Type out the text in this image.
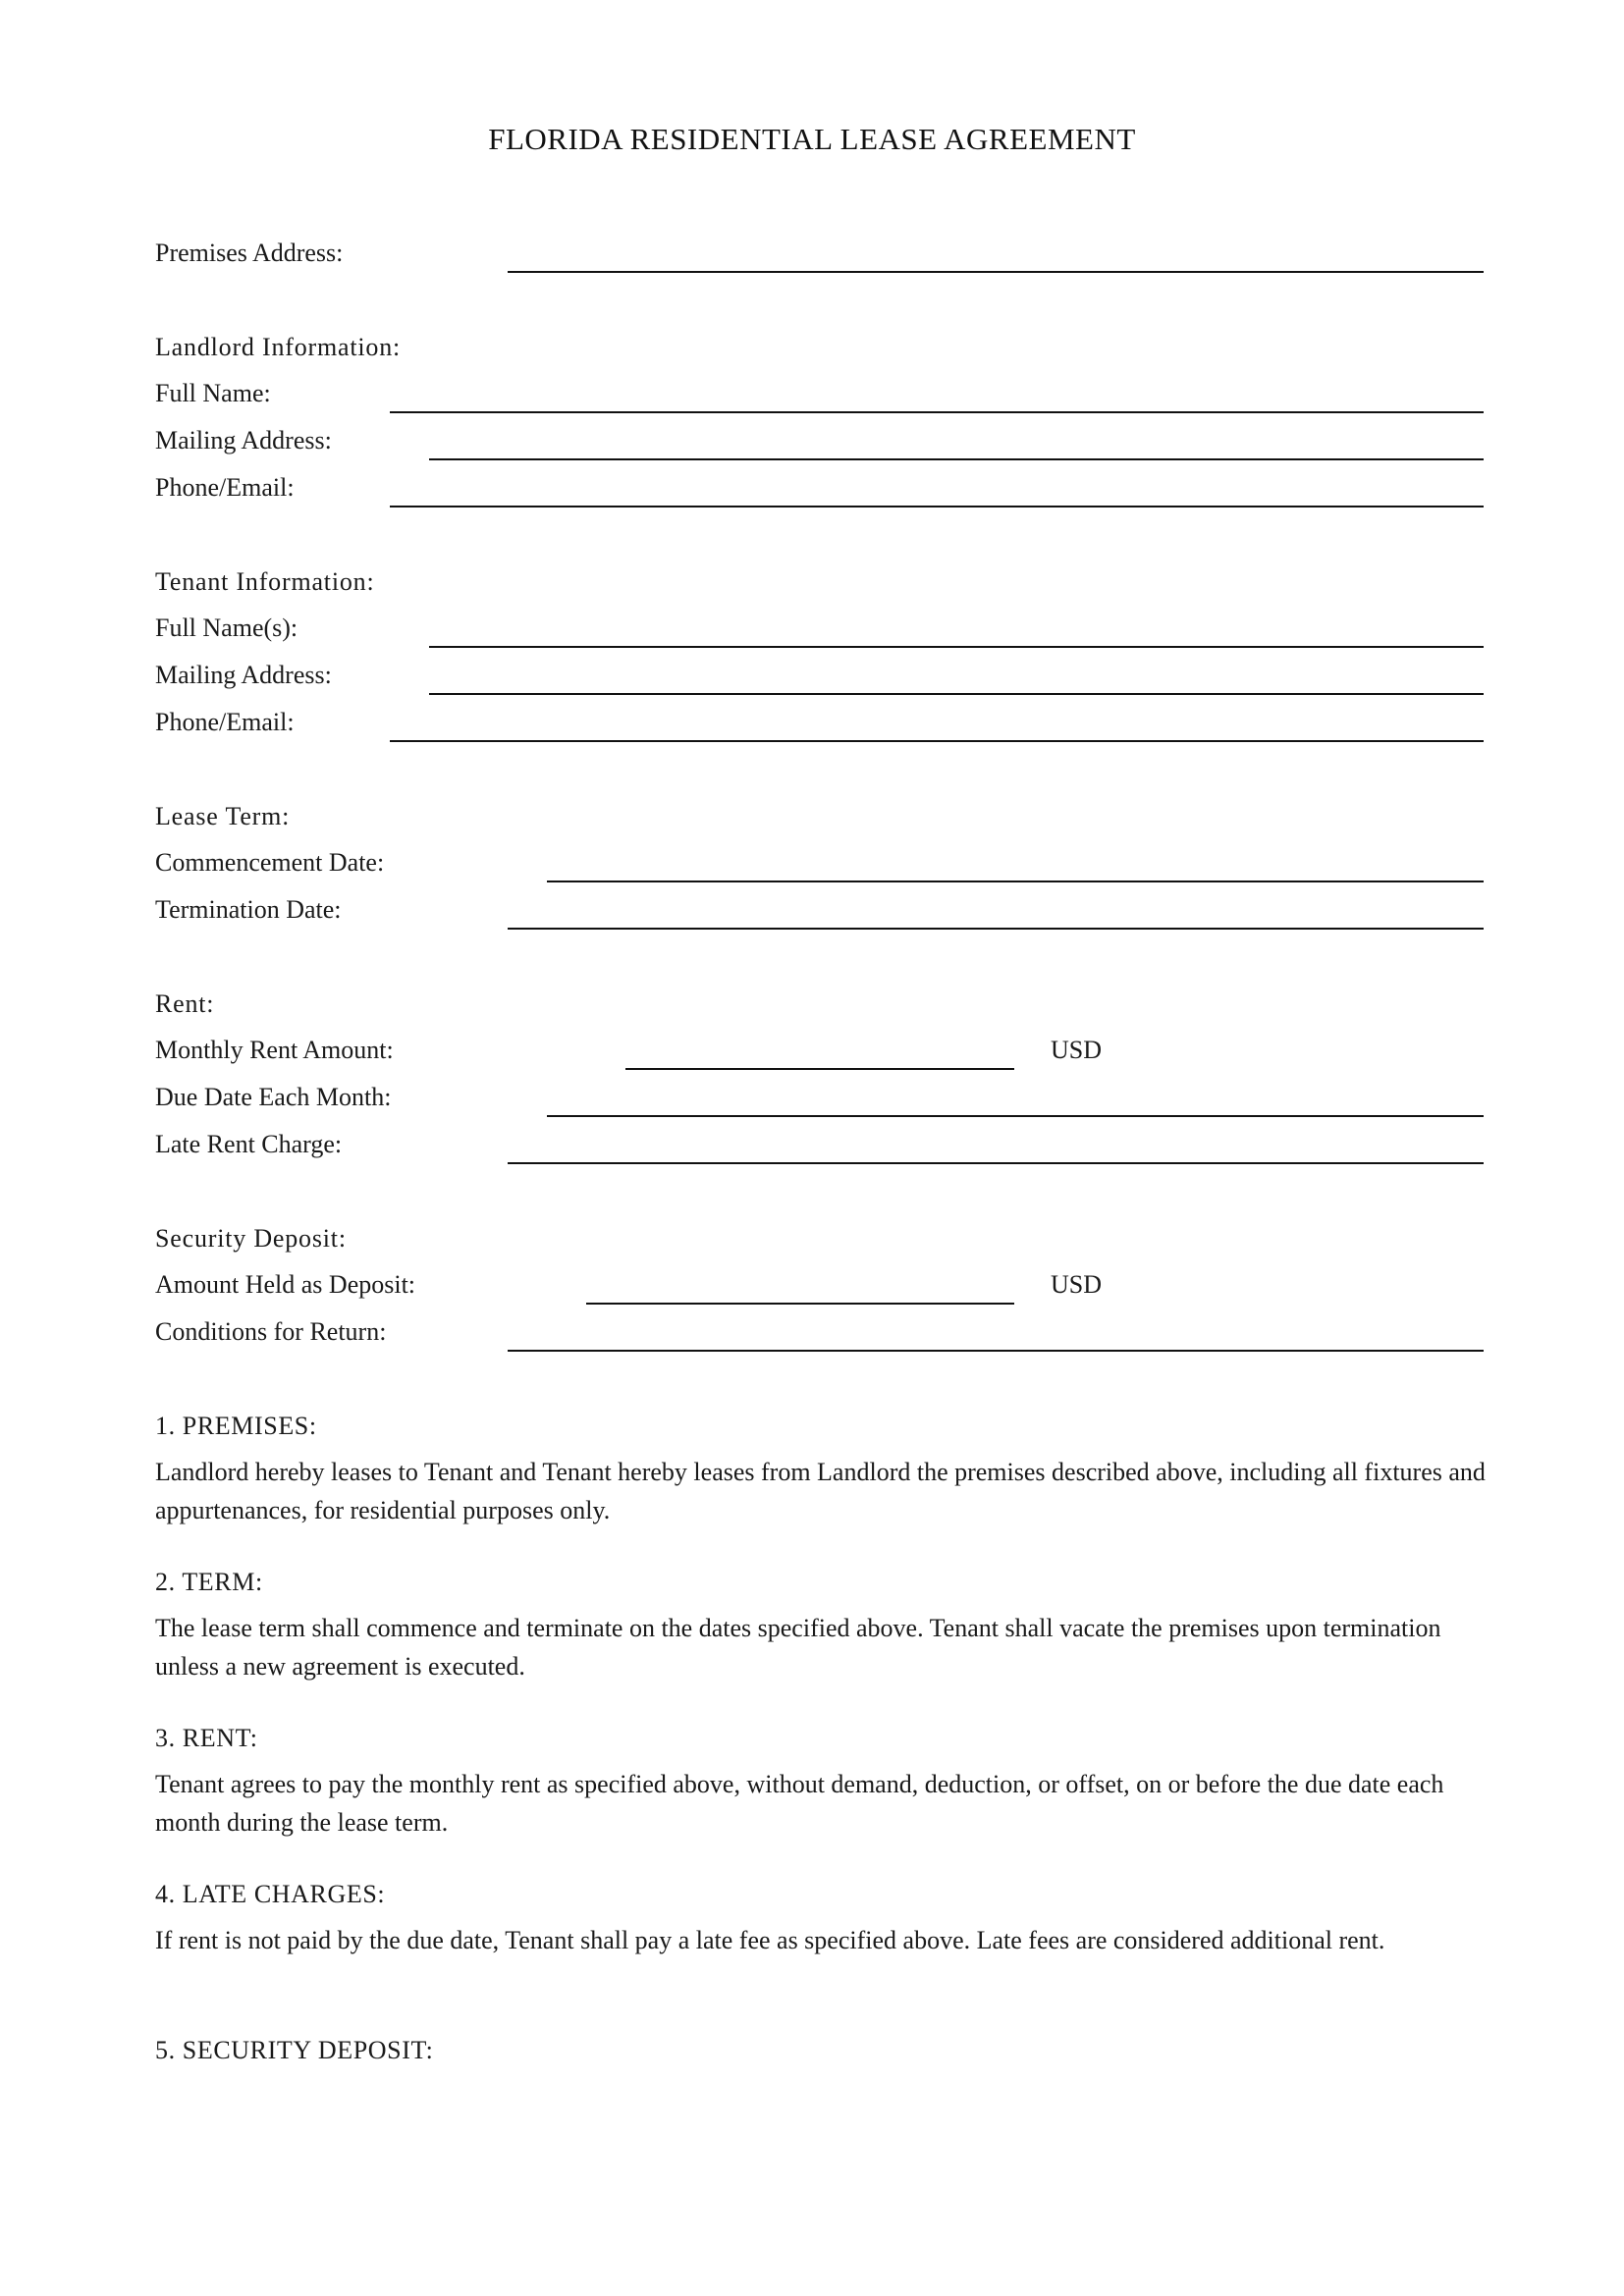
FLORIDA RESIDENTIAL LEASE AGREEMENT
Premises Address:
Landlord Information:
Full Name:
Mailing Address:
Phone/Email:
Tenant Information:
Full Name(s):
Mailing Address:
Phone/Email:
Lease Term:
Commencement Date:
Termination Date:
Rent:
Monthly Rent Amount:	USD
Due Date Each Month:
Late Rent Charge:
Security Deposit:
Amount Held as Deposit:	USD
Conditions for Return:
1. PREMISES:
Landlord hereby leases to Tenant and Tenant hereby leases from Landlord the premises described above, including all fixtures and appurtenances, for residential purposes only.
2. TERM:
The lease term shall commence and terminate on the dates specified above. Tenant shall vacate the premises upon termination unless a new agreement is executed.
3. RENT:
Tenant agrees to pay the monthly rent as specified above, without demand, deduction, or offset, on or before the due date each month during the lease term.
4. LATE CHARGES:
If rent is not paid by the due date, Tenant shall pay a late fee as specified above. Late fees are considered additional rent.
5. SECURITY DEPOSIT:
